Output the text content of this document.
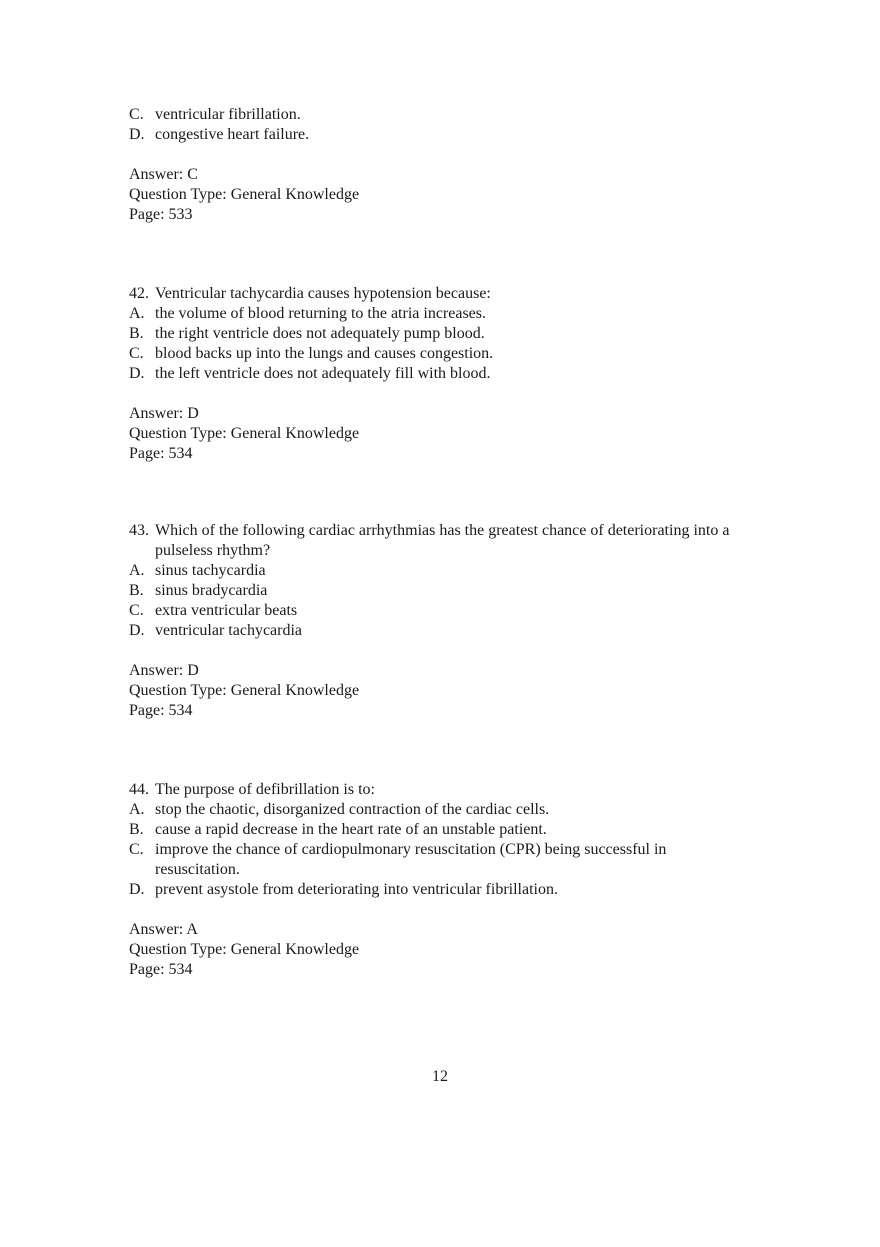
C. ventricular fibrillation.
D. congestive heart failure.
Answer: C
Question Type: General Knowledge
Page: 533
42. Ventricular tachycardia causes hypotension because:
A. the volume of blood returning to the atria increases.
B. the right ventricle does not adequately pump blood.
C. blood backs up into the lungs and causes congestion.
D. the left ventricle does not adequately fill with blood.
Answer: D
Question Type: General Knowledge
Page: 534
43. Which of the following cardiac arrhythmias has the greatest chance of deteriorating into a pulseless rhythm?
A. sinus tachycardia
B. sinus bradycardia
C. extra ventricular beats
D. ventricular tachycardia
Answer: D
Question Type: General Knowledge
Page: 534
44. The purpose of defibrillation is to:
A. stop the chaotic, disorganized contraction of the cardiac cells.
B. cause a rapid decrease in the heart rate of an unstable patient.
C. improve the chance of cardiopulmonary resuscitation (CPR) being successful in resuscitation.
D. prevent asystole from deteriorating into ventricular fibrillation.
Answer: A
Question Type: General Knowledge
Page: 534
12
